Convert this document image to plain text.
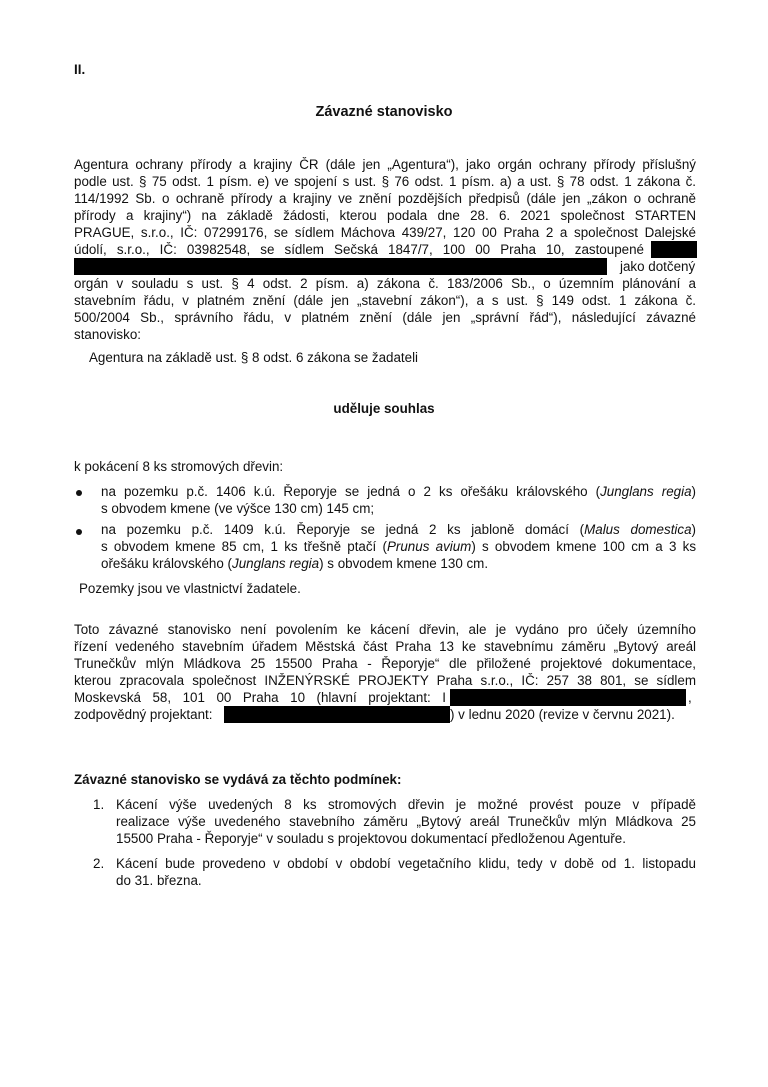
II.
Závazné stanovisko
Agentura ochrany přírody a krajiny ČR (dále jen „Agentura“), jako orgán ochrany přírody příslušný
podle ust. § 75 odst. 1 písm. e) ve spojení s ust. § 76 odst. 1 písm. a) a ust. § 78 odst. 1 zákona č.
114/1992 Sb. o ochraně přírody a krajiny ve znění pozdějších předpisů (dále jen „zákon o ochraně
přírody a krajiny“) na základě žádosti, kterou podala dne 28. 6. 2021 společnost STARTEN
PRAGUE, s.r.o., IČ: 07299176, se sídlem Máchova 439/27, 120 00 Praha 2 a společnost Dalejské
údolí, s.r.o., IČ: 03982548, se sídlem Sečská 1847/7, 100 00 Praha 10, zastoupené
jako dotčený
orgán v souladu s ust. § 4 odst. 2 písm. a) zákona č. 183/2006 Sb., o územním plánování a
stavebním řádu, v platném znění (dále jen „stavební zákon“), a s ust. § 149 odst. 1 zákona č.
500/2004 Sb., správního řádu, v platném znění (dále jen „správní řád“), následující závazné
stanovisko:
Agentura na základě ust. § 8 odst. 6 zákona se žadateli
uděluje souhlas
k pokácení 8 ks stromových dřevin:
na pozemku p.č. 1406 k.ú. Řeporyje se jedná o 2 ks ořešáku královského (Junglans regia)
s obvodem kmene (ve výšce 130 cm) 145 cm;
na pozemku p.č. 1409 k.ú. Řeporyje se jedná 2 ks jabloně domácí (Malus domestica)
s obvodem kmene 85 cm, 1 ks třešně ptačí (Prunus avium) s obvodem kmene 100 cm a 3 ks
ořešáku královského (Junglans regia) s obvodem kmene 130 cm.
Pozemky jsou ve vlastnictví žadatele.
Toto závazné stanovisko není povolením ke kácení dřevin, ale je vydáno pro účely územního
řízení vedeného stavebním úřadem Městská část Praha 13 ke stavebnímu záměru „Bytový areál
Trunečkův mlýn Mládkova 25 15500 Praha - Řeporyje“ dle přiložené projektové dokumentace,
kterou zpracovala společnost INŽENÝRSKÉ PROJEKTY Praha s.r.o., IČ: 257 38 801, se sídlem
Moskevská 58, 101 00 Praha 10 (hlavní projektant: I	,
zodpovědný projektant:	) v lednu 2020 (revize v červnu 2021).
Závazné stanovisko se vydává za těchto podmínek:
1. Kácení výše uvedených 8 ks stromových dřevin je možné provést pouze v případě
realizace výše uvedeného stavebního záměru „Bytový areál Trunečkův mlýn Mládkova 25
15500 Praha - Řeporyje“ v souladu s projektovou dokumentací předloženou Agentuře.
2. Kácení bude provedeno v období v období vegetačního klidu, tedy v době od 1. listopadu
do 31. března.
